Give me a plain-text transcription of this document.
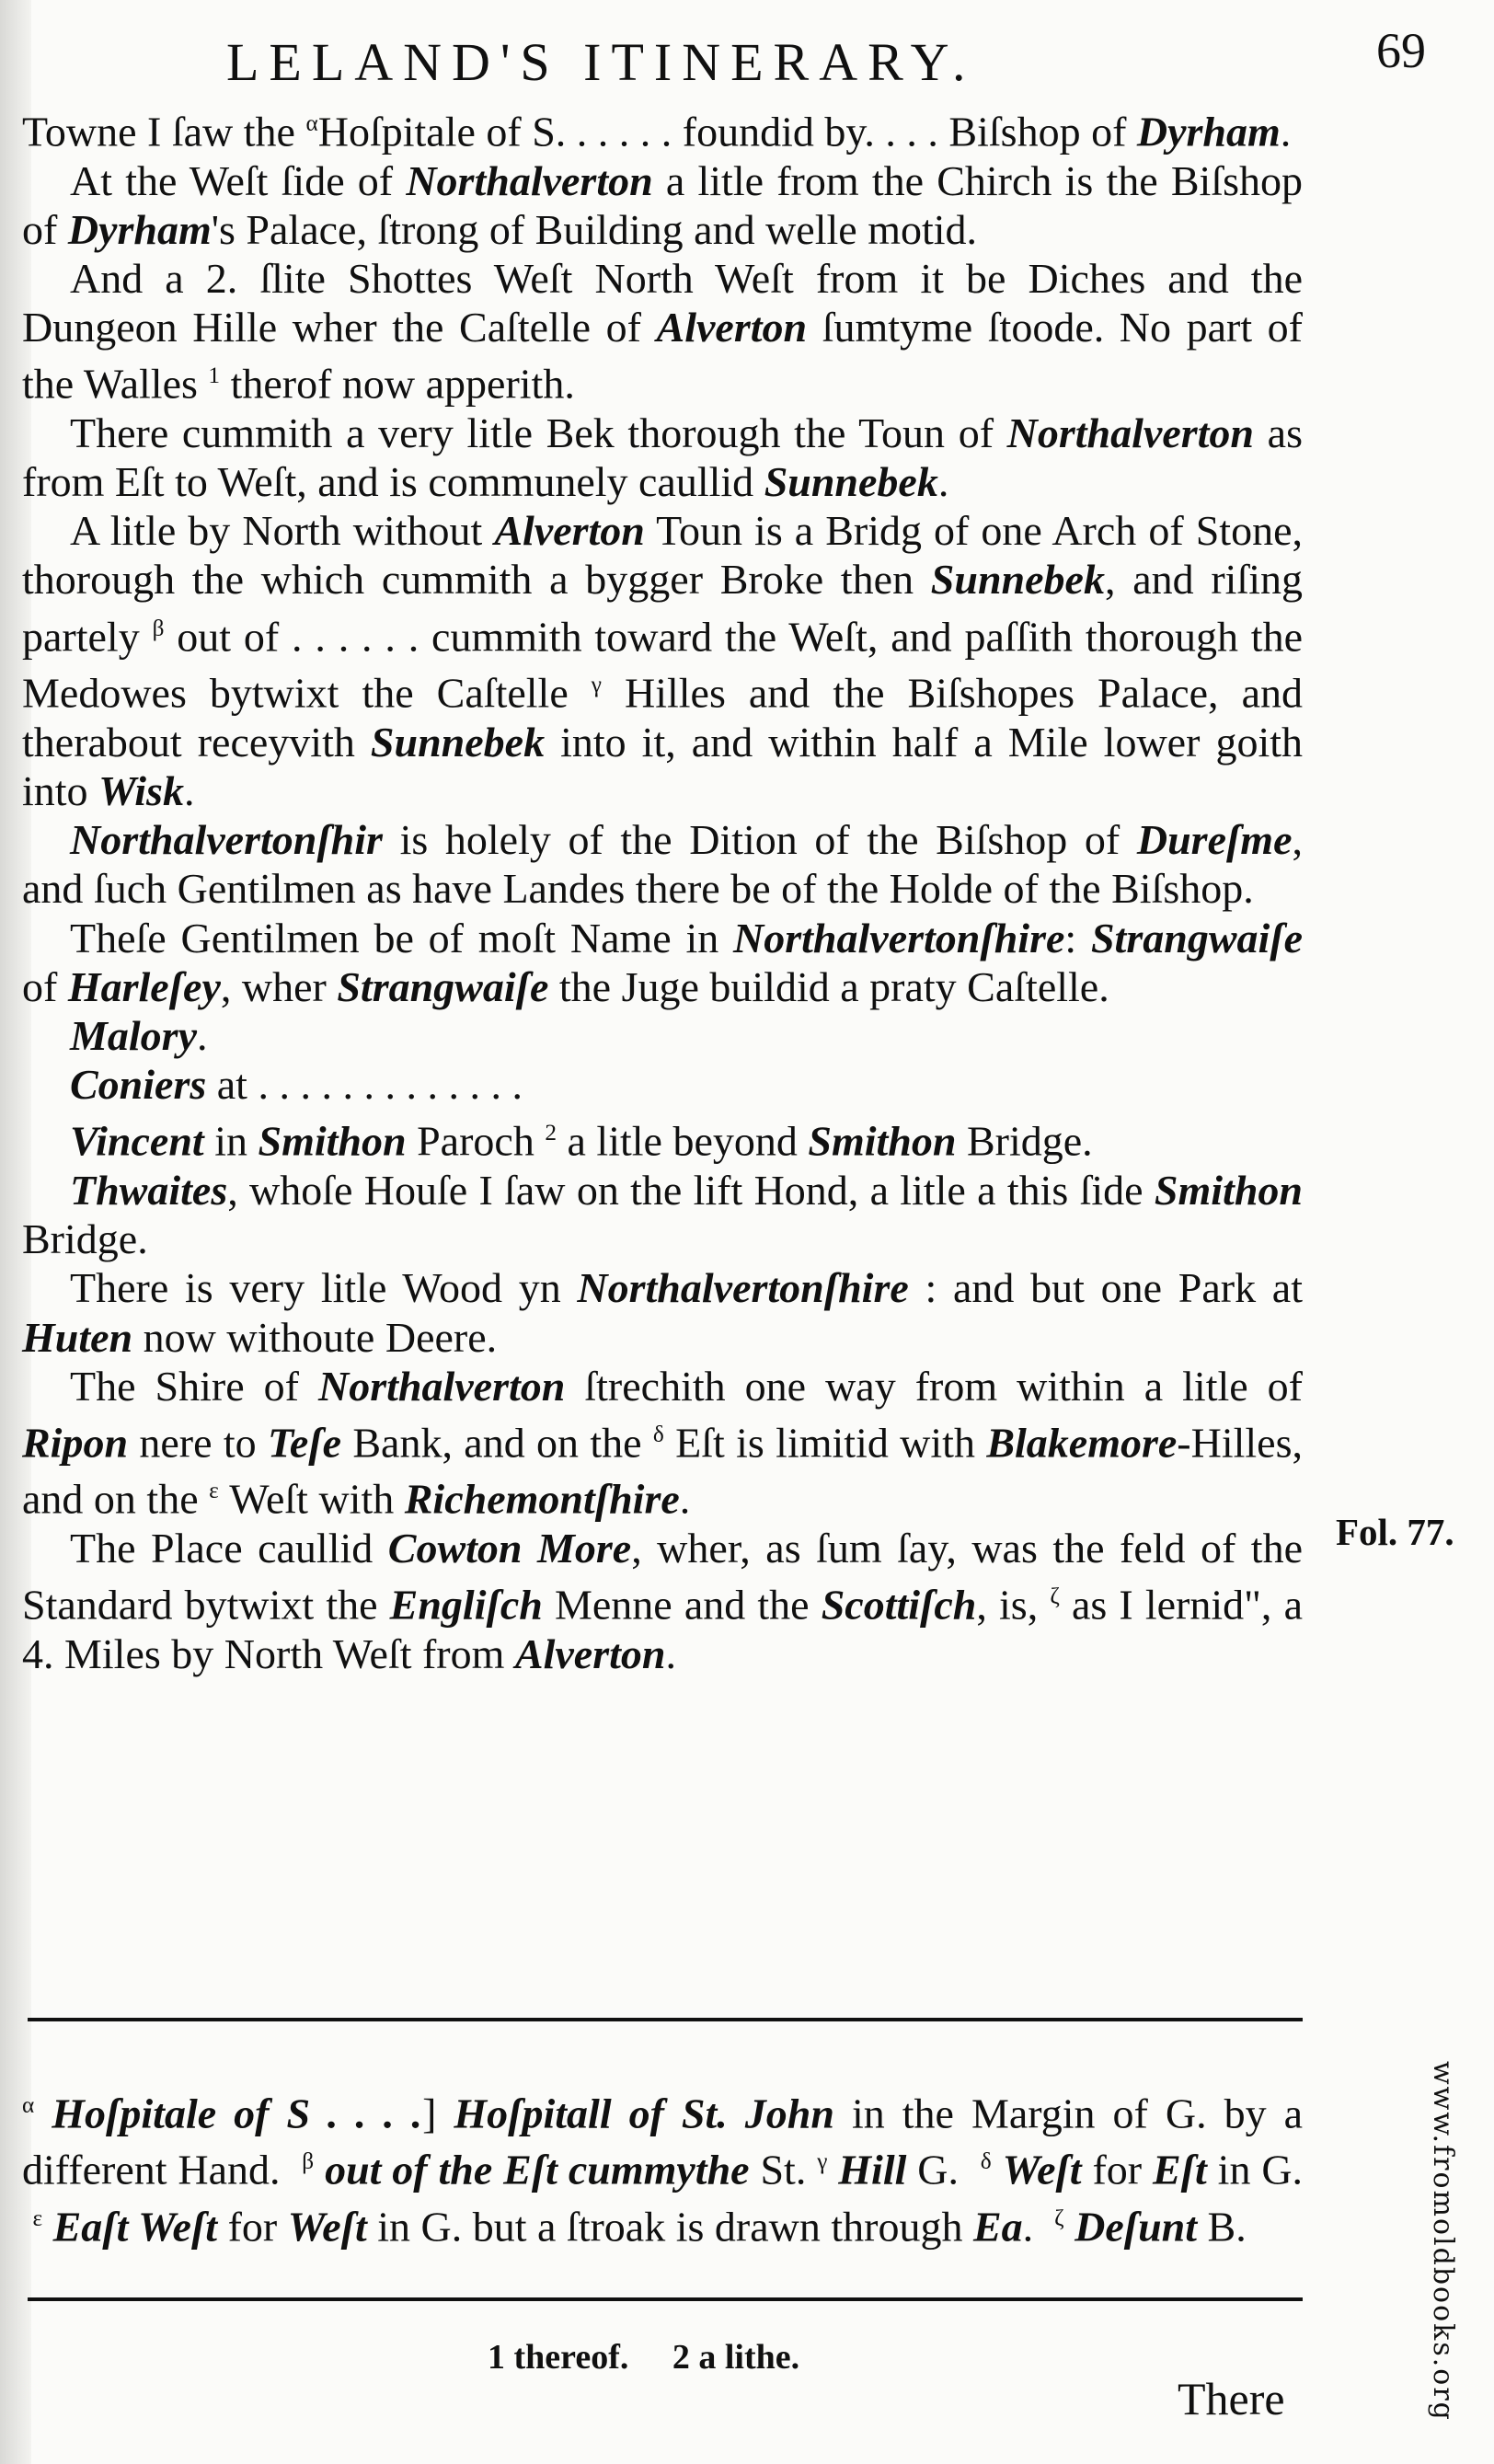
LELAND'S ITINERARY.	69

Towne I ſaw the $^\alpha$Hoſpitale of S. . . . . . foundid by. . . . Biſshop of Dyrham.

At the Weſt ſide of Northalverton a litle from the Chirch is the Biſshop of Dyrham's Palace, ſtrong of Building and welle motid.

And a 2. ſlite Shottes Weſt North Weſt from it be Diches and the Dungeon Hille wher the Caſtelle of Alverton ſumtyme ſtoode. No part of the Walles $^1$ therof now apperith.

There cummith a very litle Bek thorough the Toun of Northalverton as from Eſt to Weſt, and is communely caullid Sunnebek.

A litle by North without Alverton Toun is a Bridg of one Arch of Stone, thorough the which cummith a bygger Broke then Sunnebek, and riſing partely $^\beta$ out of . . . . . . cummith toward the Weſt, and paſſith thorough the Medowes bytwixt the Caſtelle $^\gamma$ Hilles and the Biſshopes Palace, and therabout receyvith Sunnebek into it, and within half a Mile lower goith into Wisk.

Northalvertonſhir is holely of the Dition of the Biſshop of Dureſme, and ſuch Gentilmen as have Landes there be of the Holde of the Biſshop.

Theſe Gentilmen be of moſt Name in Northalvertonſhire: Strangwaiſe of Harleſey, wher Strangwaiſe the Juge buildid a praty Caſtelle.

Malory.

Coniers at . . . . . . . . . . . . .

Vincent in Smithon Paroch $^2$ a litle beyond Smithon Bridge.

Thwaites, whoſe Houſe I ſaw on the lift Hond, a litle a this ſide Smithon Bridge.

There is very litle Wood yn Northalvertonſhire : and but one Park at Huten now withoute Deere.

The Shire of Northalverton ſtrechith one way from within a litle of Ripon nere to Teſe Bank, and on the $^\delta$ Eſt is limitid with Blakemore-Hilles, and on the $^\varepsilon$ Weſt with Richemontſhire.

The Place caullid Cowton More, wher, as ſum ſay, was the feld of the Standard bytwixt the Engliſch Menne and the Scottiſch, is, $^\zeta$ as I lernid", a 4. Miles by North Weſt from Alverton.

Fol. 77.
$^\alpha$ Hoſpitale of S . . . .] Hoſpitall of St. John in the Margin of G. by a different Hand.  $^\beta$ out of the Eſt cummythe St. $^\gamma$ Hill G.  $^\delta$ Weſt for Eſt in G.  $^\varepsilon$ Eaſt Weſt for Weſt in G. but a ſtroak is drawn through Ea.  $^\zeta$ Deſunt B.
1 thereof.     2 a lithe.
There	www.fromoldbooks.org
